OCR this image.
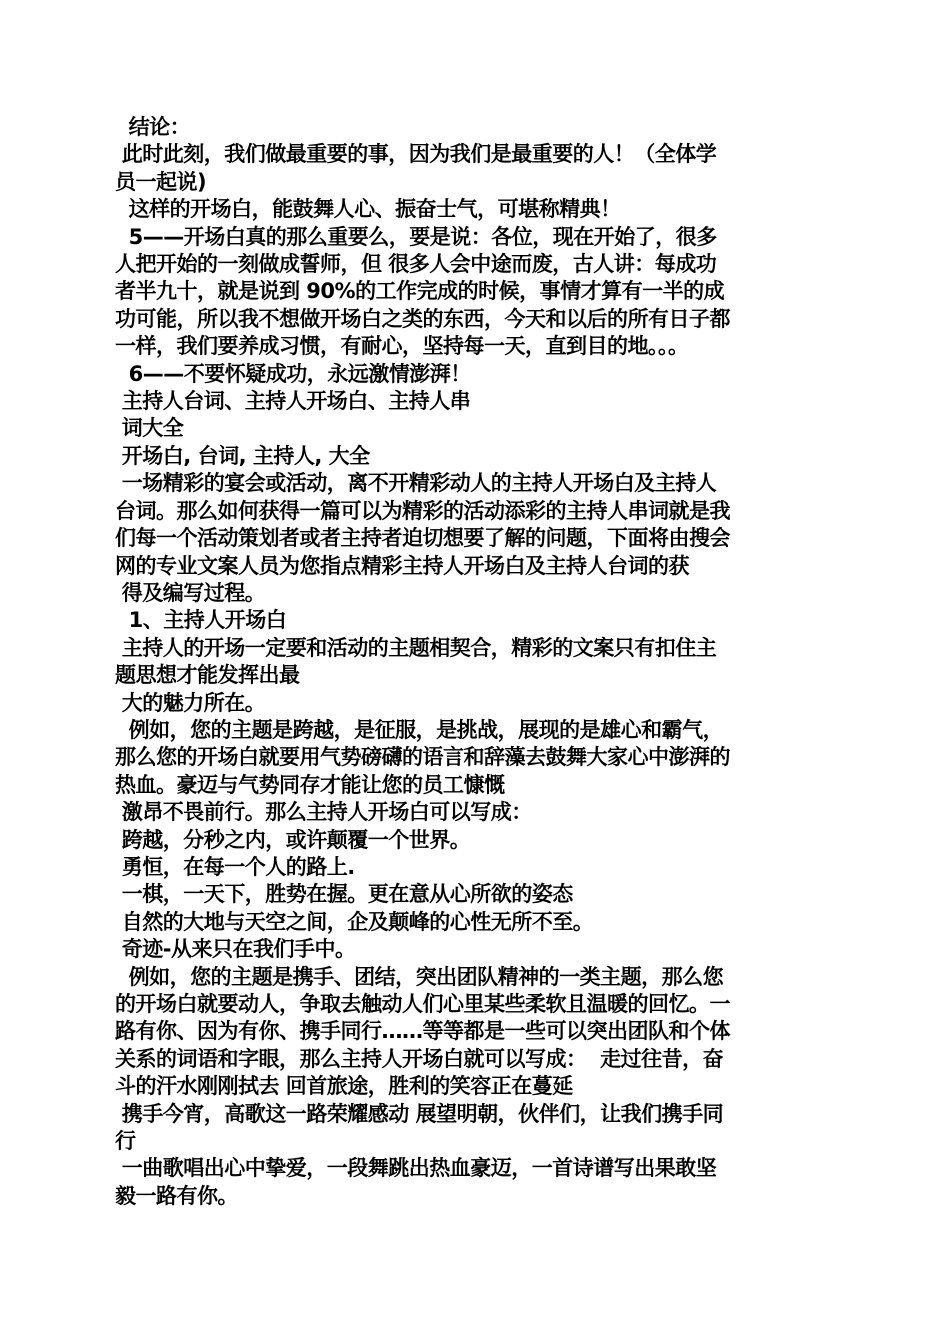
结论：
此时此刻，我们做最重要的事，因为我们是最重要的人！（全体学
员一起说)
这样的开场白，能鼓舞人心、振奋士气，可堪称精典！
5——开场白真的那么重要么，要是说：各位，现在开始了，很多
人把开始的一刻做成誓师，但 很多人会中途而废，古人讲：每成功
者半九十，就是说到 90%的工作完成的时候，事情才算有一半的成
功可能，所以我不想做开场白之类的东西，今天和以后的所有日子都
一样，我们要养成习惯，有耐心，坚持每一天，直到目的地。。。
6——不要怀疑成功，永远激情澎湃！
主持人台词、主持人开场白、主持人串
词大全
开场白, 台词, 主持人, 大全
一场精彩的宴会或活动，离不开精彩动人的主持人开场白及主持人
台词。那么如何获得一篇可以为精彩的活动添彩的主持人串词就是我
们每一个活动策划者或者主持者迫切想要了解的问题，下面将由搜会
网的专业文案人员为您指点精彩主持人开场白及主持人台词的获
得及编写过程。
1、主持人开场白
主持人的开场一定要和活动的主题相契合，精彩的文案只有扣住主
题思想才能发挥出最
大的魅力所在。
例如，您的主题是跨越，是征服，是挑战，展现的是雄心和霸气，
那么您的开场白就要用气势磅礴的语言和辞藻去鼓舞大家心中澎湃的
热血。豪迈与气势同存才能让您的员工慷慨
激昂不畏前行。那么主持人开场白可以写成：
跨越，分秒之内，或许颠覆一个世界。
勇恒，在每一个人的路上.
一棋，一天下，胜势在握。更在意从心所欲的姿态
自然的大地与天空之间，企及颠峰的心性无所不至。
奇迹-从来只在我们手中。
例如，您的主题是携手、团结，突出团队精神的一类主题，那么您
的开场白就要动人，争取去触动人们心里某些柔软且温暖的回忆。一
路有你、因为有你、携手同行……等等都是一些可以突出团队和个体
关系的词语和字眼，那么主持人开场白就可以写成：  走过往昔，奋
斗的汗水刚刚拭去 回首旅途，胜利的笑容正在蔓延
携手今宵，高歌这一路荣耀感动 展望明朝，伙伴们，让我们携手同
行
一曲歌唱出心中挚爱，一段舞跳出热血豪迈，一首诗谱写出果敢坚
毅一路有你。
